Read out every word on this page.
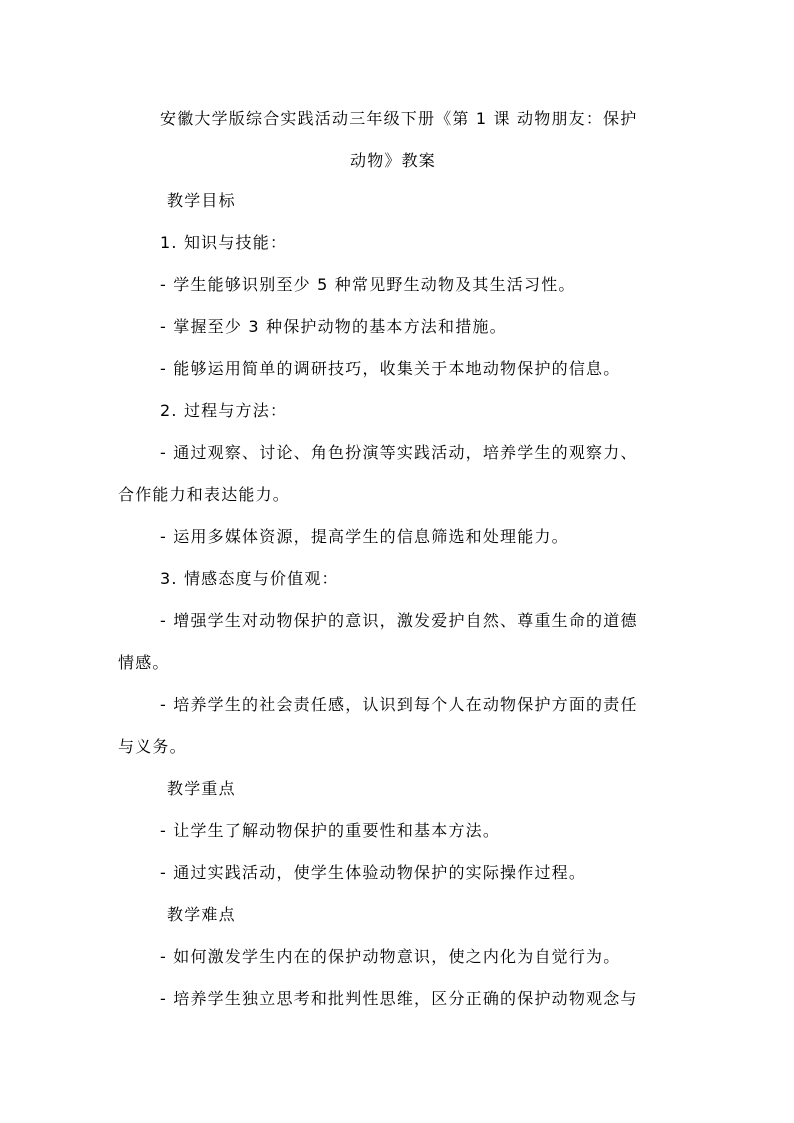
安徽大学版综合实践活动三年级下册《第 1 课 动物朋友：保护
动物》教案
教学目标
1. 知识与技能：
- 学生能够识别至少 5 种常见野生动物及其生活习性。
- 掌握至少 3 种保护动物的基本方法和措施。
- 能够运用简单的调研技巧，收集关于本地动物保护的信息。
2. 过程与方法：
- 通过观察、讨论、角色扮演等实践活动，培养学生的观察力、
合作能力和表达能力。
- 运用多媒体资源，提高学生的信息筛选和处理能力。
3. 情感态度与价值观：
- 增强学生对动物保护的意识，激发爱护自然、尊重生命的道德
情感。
- 培养学生的社会责任感，认识到每个人在动物保护方面的责任
与义务。
教学重点
- 让学生了解动物保护的重要性和基本方法。
- 通过实践活动，使学生体验动物保护的实际操作过程。
教学难点
- 如何激发学生内在的保护动物意识，使之内化为自觉行为。
- 培养学生独立思考和批判性思维，区分正确的保护动物观念与
